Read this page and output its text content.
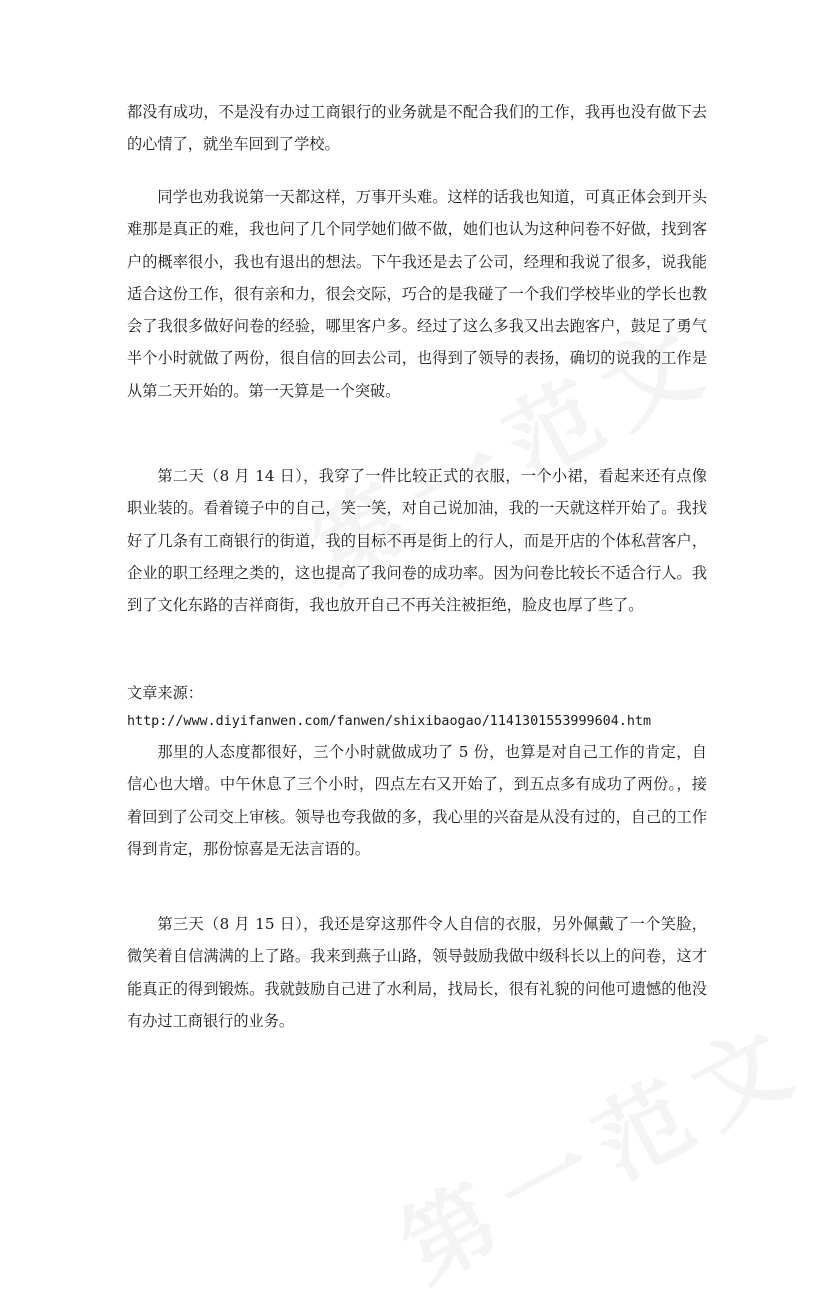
都没有成功，不是没有办过工商银行的业务就是不配合我们的工作，我再也没有做下去的心情了，就坐车回到了学校。

同学也劝我说第一天都这样，万事开头难。这样的话我也知道，可真正体会到开头难那是真正的难，我也问了几个同学她们做不做，她们也认为这种问卷不好做，找到客户的概率很小，我也有退出的想法。下午我还是去了公司，经理和我说了很多，说我能适合这份工作，很有亲和力，很会交际，巧合的是我碰了一个我们学校毕业的学长也教会了我很多做好问卷的经验，哪里客户多。经过了这么多我又出去跑客户，鼓足了勇气半个小时就做了两份，很自信的回去公司，也得到了领导的表扬，确切的说我的工作是从第二天开始的。第一天算是一个突破。

第二天（8 月 14 日），我穿了一件比较正式的衣服，一个小裙，看起来还有点像职业装的。看着镜子中的自己，笑一笑，对自己说加油，我的一天就这样开始了。我找好了几条有工商银行的街道，我的目标不再是街上的行人，而是开店的个体私营客户，企业的职工经理之类的，这也提高了我问卷的成功率。因为问卷比较长不适合行人。我到了文化东路的吉祥商街，我也放开自己不再关注被拒绝，脸皮也厚了些了。

文章来源：

http://www.diyifanwen.com/fanwen/shixibaogao/1141301553999604.htm

那里的人态度都很好，三个小时就做成功了 5 份，也算是对自己工作的肯定，自信心也大增。中午休息了三个小时，四点左右又开始了，到五点多有成功了两份。，接着回到了公司交上审核。领导也夸我做的多，我心里的兴奋是从没有过的，自己的工作得到肯定，那份惊喜是无法言语的。

第三天（8 月 15 日），我还是穿这那件令人自信的衣服，另外佩戴了一个笑脸，微笑着自信满满的上了路。我来到燕子山路，领导鼓励我做中级科长以上的问卷，这才能真正的得到锻炼。我就鼓励自己进了水利局，找局长，很有礼貌的问他可遗憾的他没有办过工商银行的业务。
